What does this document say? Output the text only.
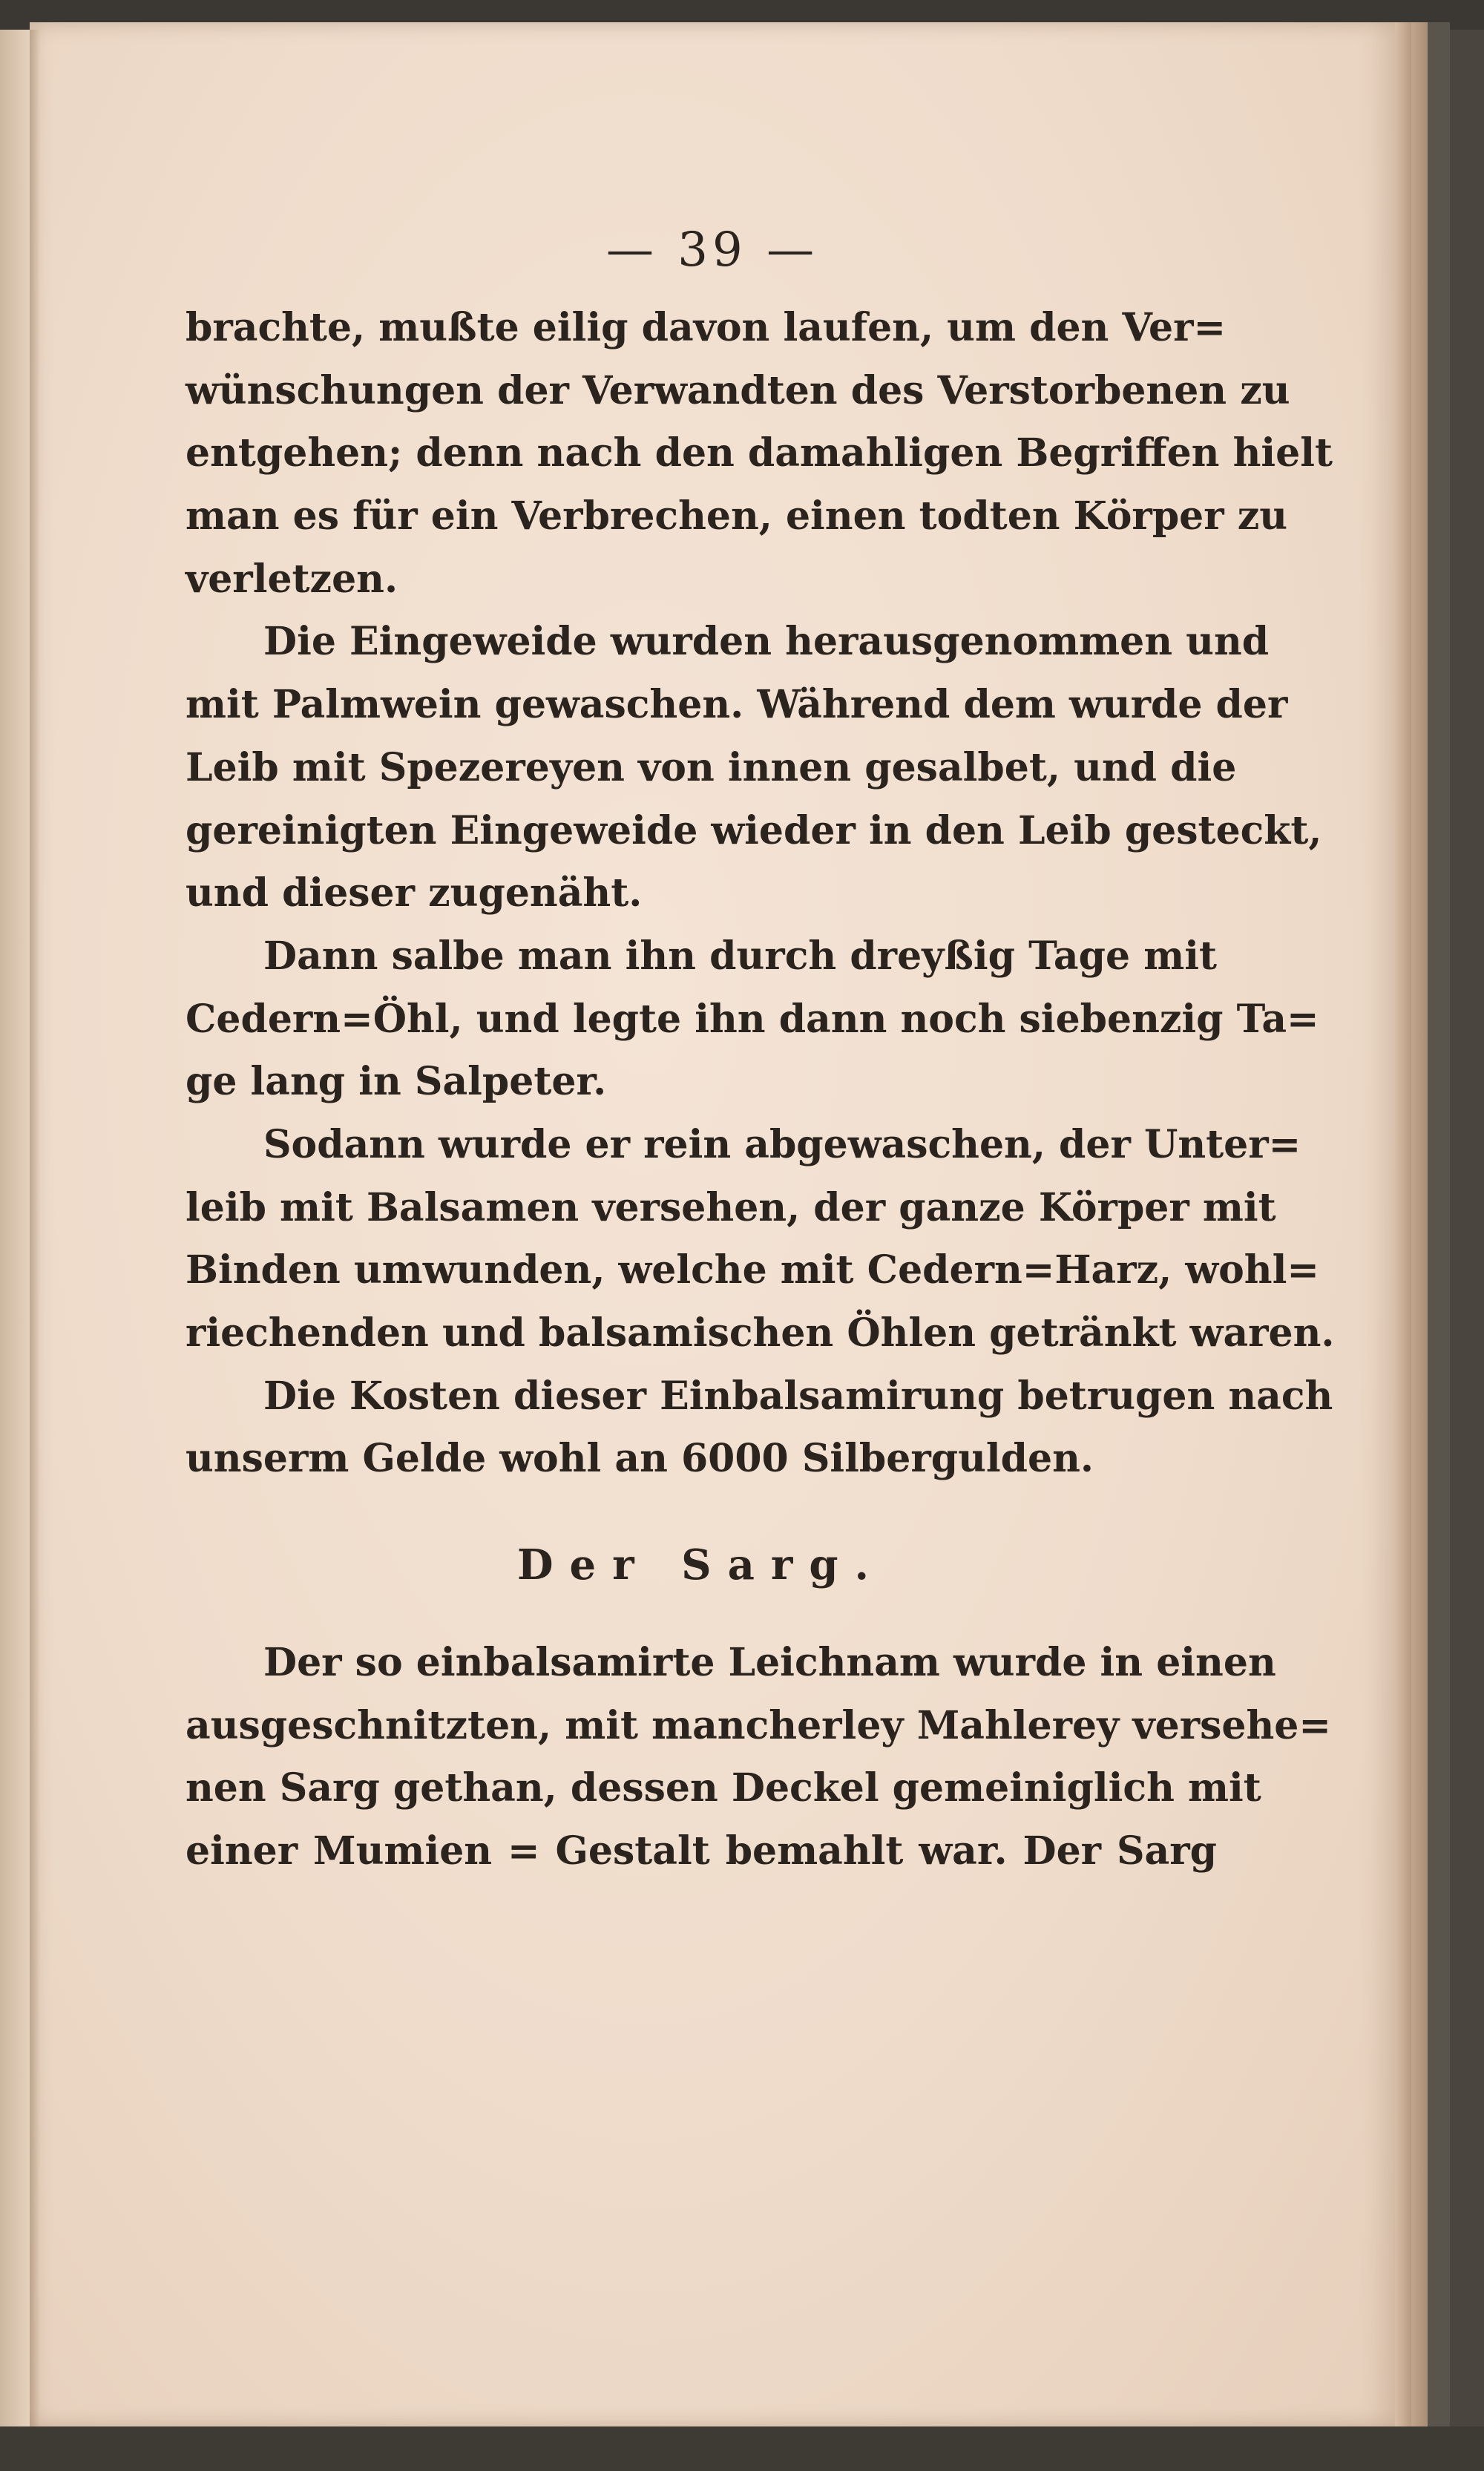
— 39 —
brachte, mußte eilig davon laufen, um den Ver=
wünschungen der Verwandten des Verstorbenen zu
entgehen; denn nach den damahligen Begriffen hielt
man es für ein Verbrechen, einen todten Körper zu
verletzen.
Die Eingeweide wurden herausgenommen und
mit Palmwein gewaschen. Während dem wurde der
Leib mit Spezereyen von innen gesalbet, und die
gereinigten Eingeweide wieder in den Leib gesteckt,
und dieser zugenäht.
Dann salbe man ihn durch dreyßig Tage mit
Cedern=Öhl, und legte ihn dann noch siebenzig Ta=
ge lang in Salpeter.
Sodann wurde er rein abgewaschen, der Unter=
leib mit Balsamen versehen, der ganze Körper mit
Binden umwunden, welche mit Cedern=Harz, wohl=
riechenden und balsamischen Öhlen getränkt waren.
Die Kosten dieser Einbalsamirung betrugen nach
unserm Gelde wohl an 6000 Silbergulden.
Der Sarg.
Der so einbalsamirte Leichnam wurde in einen
ausgeschnitzten, mit mancherley Mahlerey versehe=
nen Sarg gethan, dessen Deckel gemeiniglich mit
einer Mumien = Gestalt bemahlt war. Der Sarg
